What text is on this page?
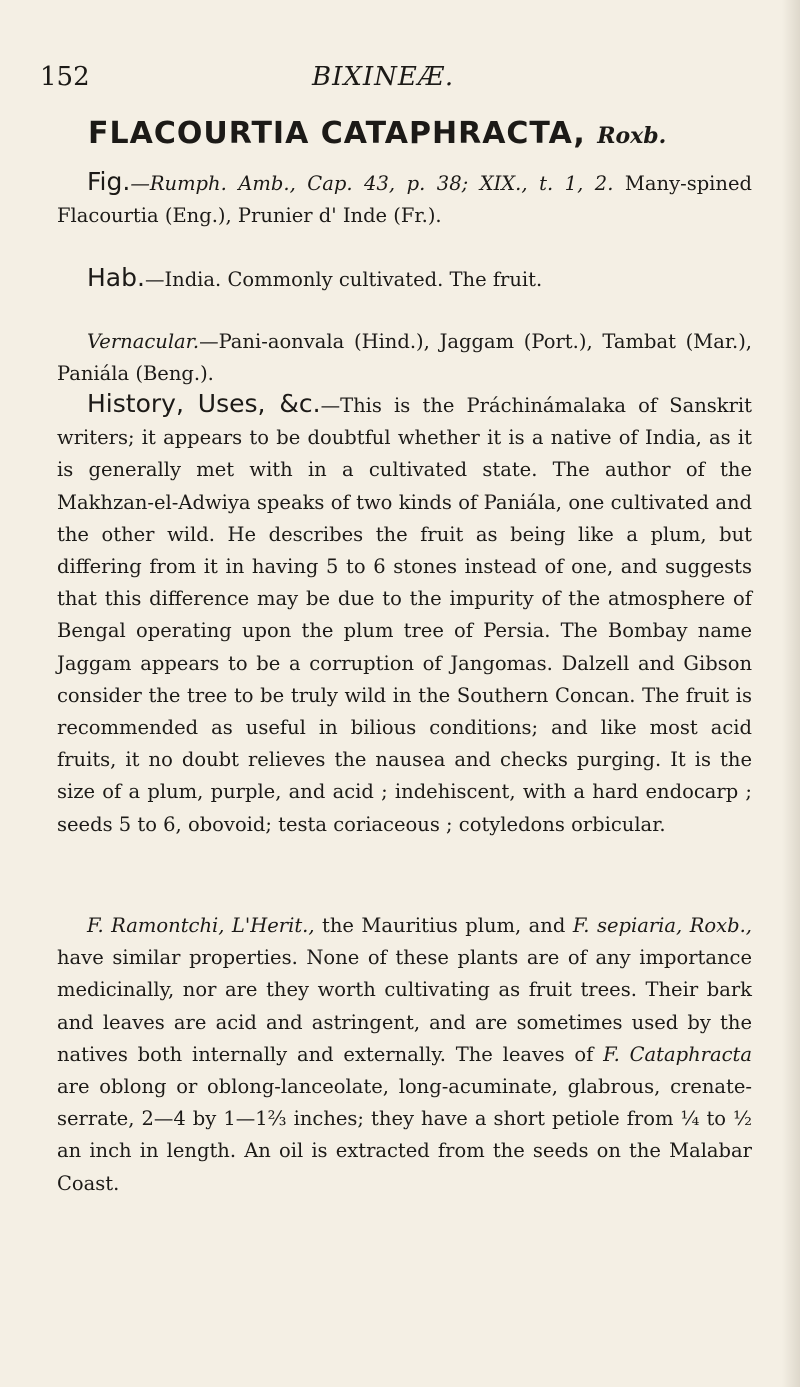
152	BIXINEÆ.
FLACOURTIA CATAPHRACTA, Roxb.
Fig.—Rumph. Amb., Cap. 43, p. 38; XIX., t. 1, 2. Many-spined Flacourtia (Eng.), Prunier d' Inde (Fr.).
Hab.—India. Commonly cultivated. The fruit.
Vernacular.—Pani-aonvala (Hind.), Jaggam (Port.), Tambat (Mar.), Paniála (Beng.).
History, Uses, &c.—This is the Práchinámalaka of Sanskrit writers; it appears to be doubtful whether it is a native of India, as it is generally met with in a cultivated state. The author of the Makhzan-el-Adwiya speaks of two kinds of Paniála, one cultivated and the other wild. He describes the fruit as being like a plum, but differing from it in having 5 to 6 stones instead of one, and suggests that this difference may be due to the impurity of the atmosphere of Bengal operating upon the plum tree of Persia. The Bombay name Jaggam appears to be a corruption of Jangomas. Dalzell and Gibson consider the tree to be truly wild in the Southern Concan. The fruit is recommended as useful in bilious conditions; and like most acid fruits, it no doubt relieves the nausea and checks purging. It is the size of a plum, purple, and acid ; indehiscent, with a hard endocarp ; seeds 5 to 6, obovoid; testa coriaceous ; cotyledons orbicular.
F. Ramontchi, L'Herit., the Mauritius plum, and F. sepiaria, Roxb., have similar properties. None of these plants are of any importance medicinally, nor are they worth cultivating as fruit trees. Their bark and leaves are acid and astringent, and are sometimes used by the natives both internally and externally. The leaves of F. Cataphracta are oblong or oblong-lanceolate, long-acuminate, glabrous, crenate-serrate, 2—4 by 1—1⅔ inches; they have a short petiole from ¼ to ½ an inch in length. An oil is extracted from the seeds on the Malabar Coast.
